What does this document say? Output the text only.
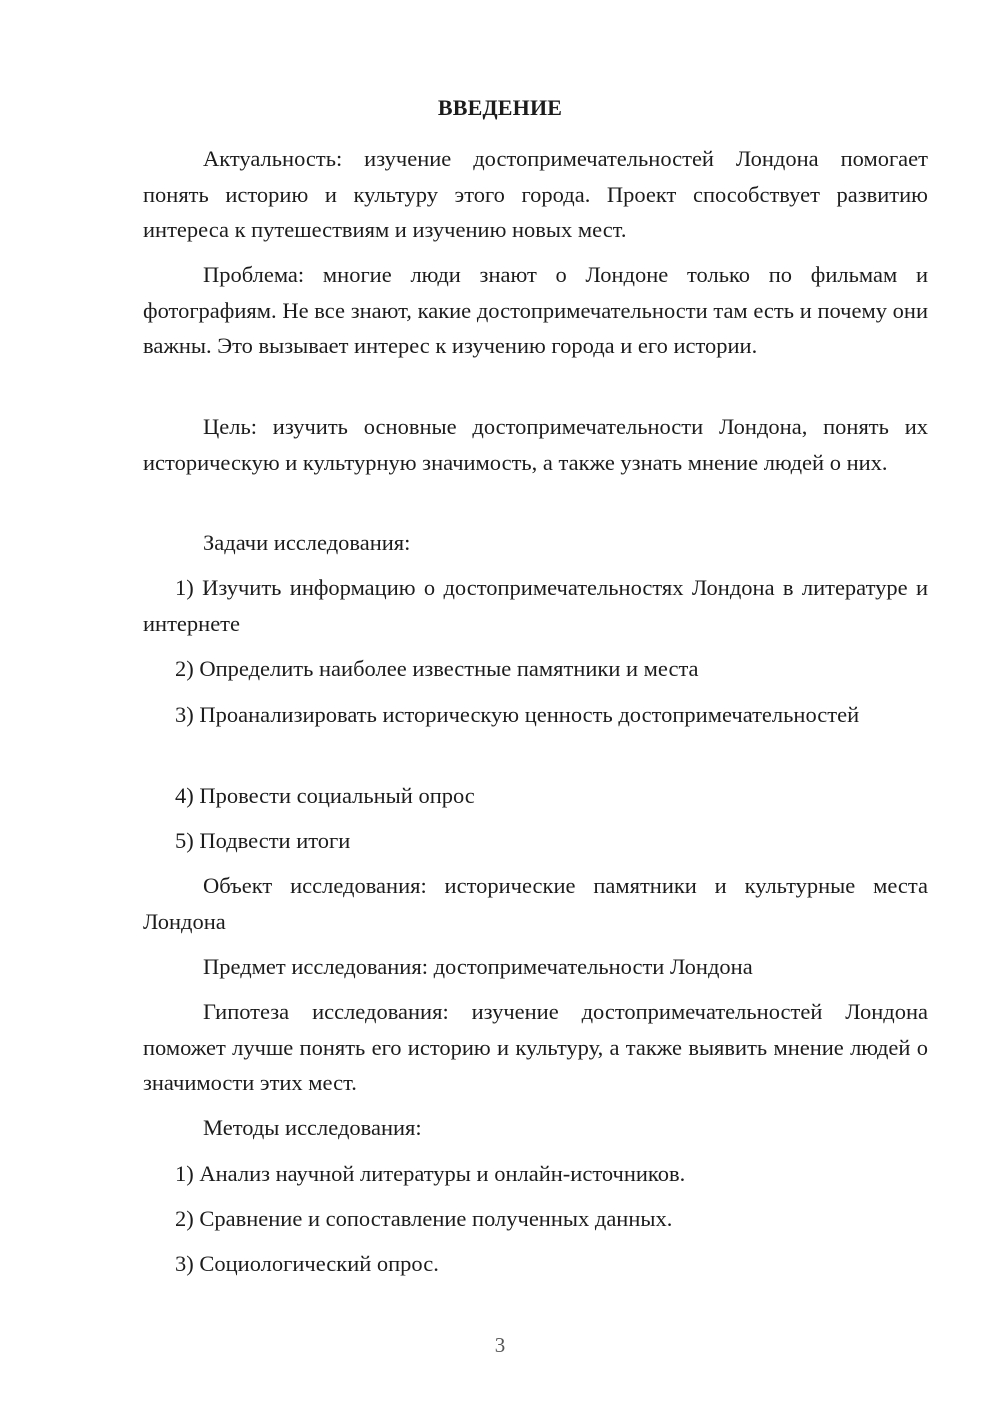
ВВЕДЕНИЕ

Актуальность: изучение достопримечательностей Лондона помогает понять историю и культуру этого города. Проект способствует развитию интереса к путешествиям и изучению новых мест.

Проблема: многие люди знают о Лондоне только по фильмам и фотографиям. Не все знают, какие достопримечательности там есть и почему они важны. Это вызывает интерес к изучению города и его истории.

Цель: изучить основные достопримечательности Лондона, понять их историческую и культурную значимость, а также узнать мнение людей о них.

Задачи исследования:

1) Изучить информацию о достопримечательностях Лондона в литературе и интернете

2) Определить наиболее известные памятники и места

3) Проанализировать историческую ценность достопримечательностей

4) Провести социальный опрос

5) Подвести итоги

Объект исследования: исторические памятники и культурные места Лондона

Предмет исследования: достопримечательности Лондона

Гипотеза исследования: изучение достопримечательностей Лондона поможет лучше понять его историю и культуру, а также выявить мнение людей о значимости этих мест.

Методы исследования:

1) Анализ научной литературы и онлайн-источников.

2) Сравнение и сопоставление полученных данных.

3) Социологический опрос.

3
